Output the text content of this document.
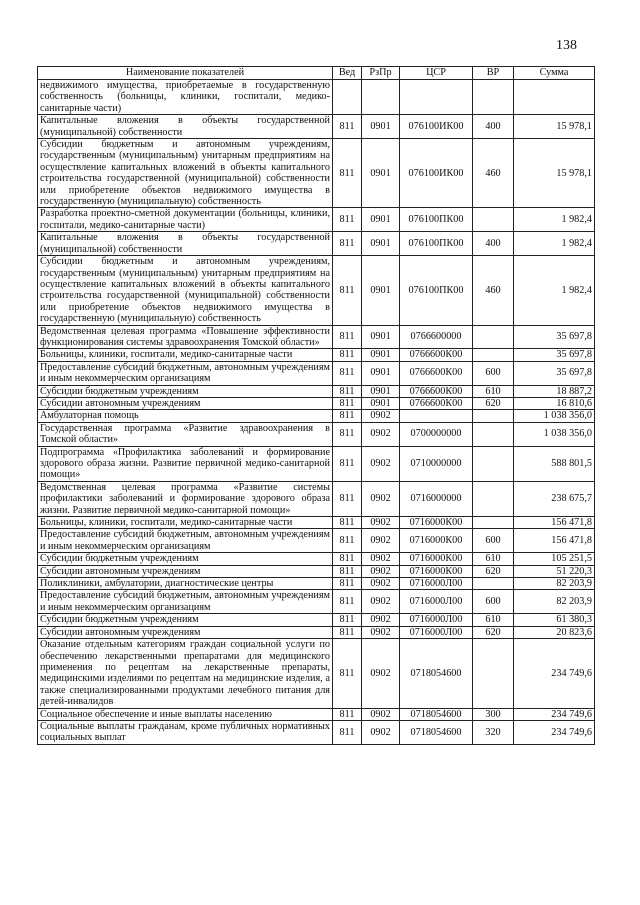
138
Наименование показателей	Вед	РзПр	ЦСР	ВР	Сумма
недвижимого имущества, приобретаемые в государственную собственность (больницы, клиники, госпитали, медико-санитарные части)					
Капитальные вложения в объекты государственной (муниципальной) собственности	811	0901	076100ИК00	400	15 978,1
Субсидии бюджетным и автономным учреждениям, государственным (муниципальным) унитарным предприятиям на осуществление капитальных вложений в объекты капитального строительства государственной (муниципальной) собственности или приобретение объектов недвижимого имущества в государственную (муниципальную) собственность	811	0901	076100ИК00	460	15 978,1
Разработка проектно-сметной документации (больницы, клиники, госпитали, медико-санитарные части)	811	0901	076100ПК00		1 982,4
Капитальные вложения в объекты государственной (муниципальной) собственности	811	0901	076100ПК00	400	1 982,4
Субсидии бюджетным и автономным учреждениям, государственным (муниципальным) унитарным предприятиям на осуществление капитальных вложений в объекты капитального строительства государственной (муниципальной) собственности или приобретение объектов недвижимого имущества в государственную (муниципальную) собственность	811	0901	076100ПК00	460	1 982,4
Ведомственная целевая программа «Повышение эффективности функционирования системы здравоохранения Томской области»	811	0901	0766600000		35 697,8
Больницы, клиники, госпитали, медико-санитарные части	811	0901	0766600К00		35 697,8
Предоставление субсидий бюджетным, автономным учреждениям и иным некоммерческим организациям	811	0901	0766600К00	600	35 697,8
Субсидии бюджетным учреждениям	811	0901	0766600К00	610	18 887,2
Субсидии автономным учреждениям	811	0901	0766600К00	620	16 810,6
Амбулаторная помощь	811	0902			1 038 356,0
Государственная программа «Развитие здравоохранения в Томской области»	811	0902	0700000000		1 038 356,0
Подпрограмма «Профилактика заболеваний и формирование здорового образа жизни. Развитие первичной медико-санитарной помощи»	811	0902	0710000000		588 801,5
Ведомственная целевая программа «Развитие системы профилактики заболеваний и формирование здорового образа жизни. Развитие первичной медико-санитарной помощи»	811	0902	0716000000		238 675,7
Больницы, клиники, госпитали, медико-санитарные части	811	0902	0716000К00		156 471,8
Предоставление субсидий бюджетным, автономным учреждениям и иным некоммерческим организациям	811	0902	0716000К00	600	156 471,8
Субсидии бюджетным учреждениям	811	0902	0716000К00	610	105 251,5
Субсидии автономным учреждениям	811	0902	0716000К00	620	51 220,3
Поликлиники, амбулатории, диагностические центры	811	0902	0716000Л00		82 203,9
Предоставление субсидий бюджетным, автономным учреждениям и иным некоммерческим организациям	811	0902	0716000Л00	600	82 203,9
Субсидии бюджетным учреждениям	811	0902	0716000Л00	610	61 380,3
Субсидии автономным учреждениям	811	0902	0716000Л00	620	20 823,6
Оказание отдельным категориям граждан социальной услуги по обеспечению лекарственными препаратами для медицинского применения по рецептам на лекарственные препараты, медицинскими изделиями по рецептам на медицинские изделия, а также специализированными продуктами лечебного питания для детей-инвалидов	811	0902	0718054600		234 749,6
Социальное обеспечение и иные выплаты населению	811	0902	0718054600	300	234 749,6
Социальные выплаты гражданам, кроме публичных нормативных социальных выплат	811	0902	0718054600	320	234 749,6
